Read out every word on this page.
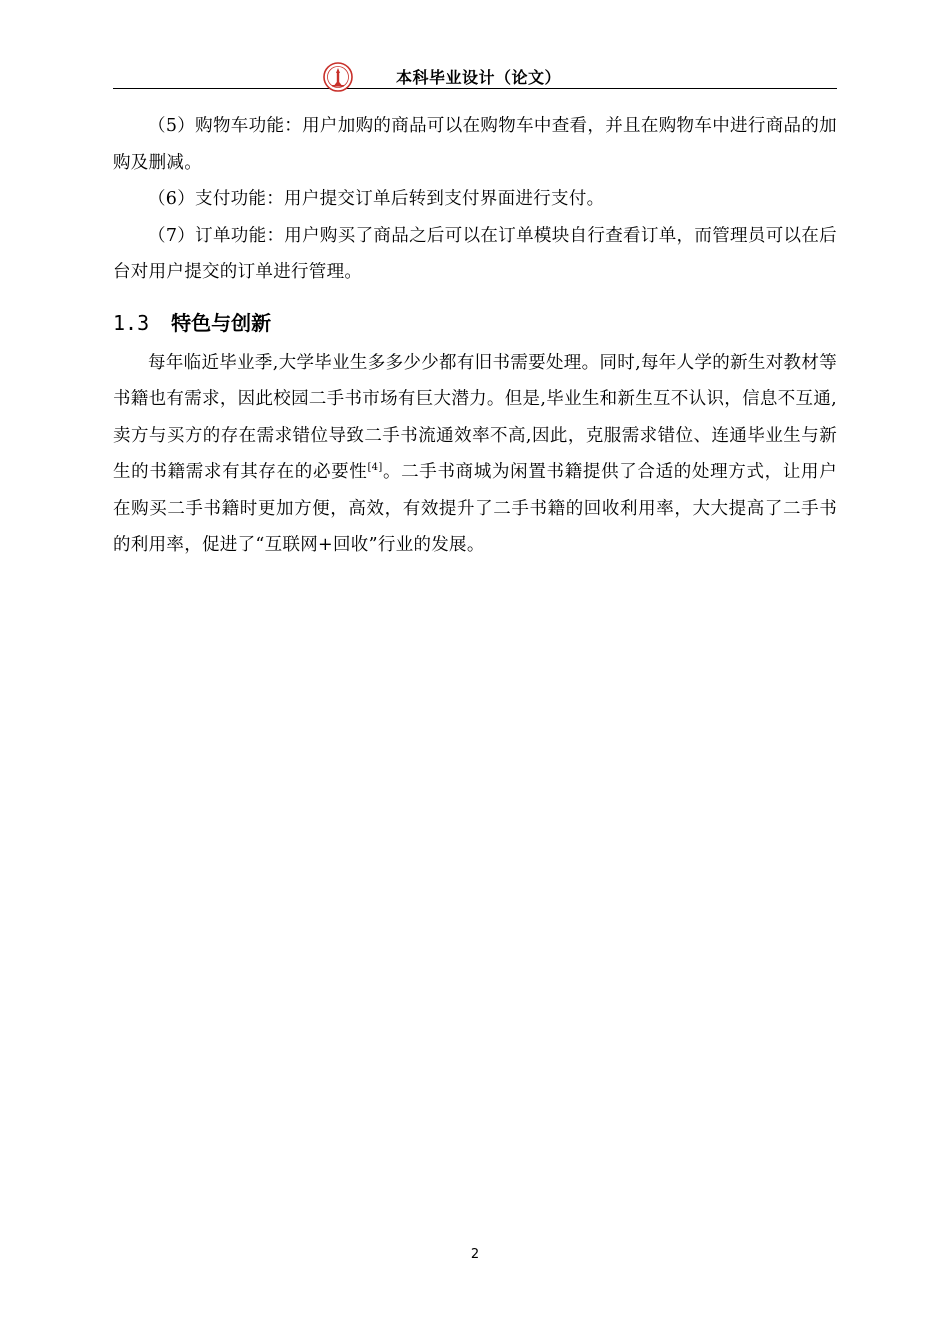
本科毕业设计（论文）

（5）购物车功能：用户加购的商品可以在购物车中查看，并且在购物车中进行商品的加购及删减。

（6）支付功能：用户提交订单后转到支付界面进行支付。

（7）订单功能：用户购买了商品之后可以在订单模块自行查看订单，而管理员可以在后台对用户提交的订单进行管理。

1.3 特色与创新

每年临近毕业季,大学毕业生多多少少都有旧书需要处理。同时,每年人学的新生对教材等书籍也有需求，因此校园二手书市场有巨大潜力。但是,毕业生和新生互不认识，信息不互通,卖方与买方的存在需求错位导致二手书流通效率不高,因此，克服需求错位、连通毕业生与新生的书籍需求有其存在的必要性[4]。二手书商城为闲置书籍提供了合适的处理方式，让用户在购买二手书籍时更加方便，高效，有效提升了二手书籍的回收利用率，大大提高了二手书的利用率，促进了“互联网+回收”行业的发展。

2
